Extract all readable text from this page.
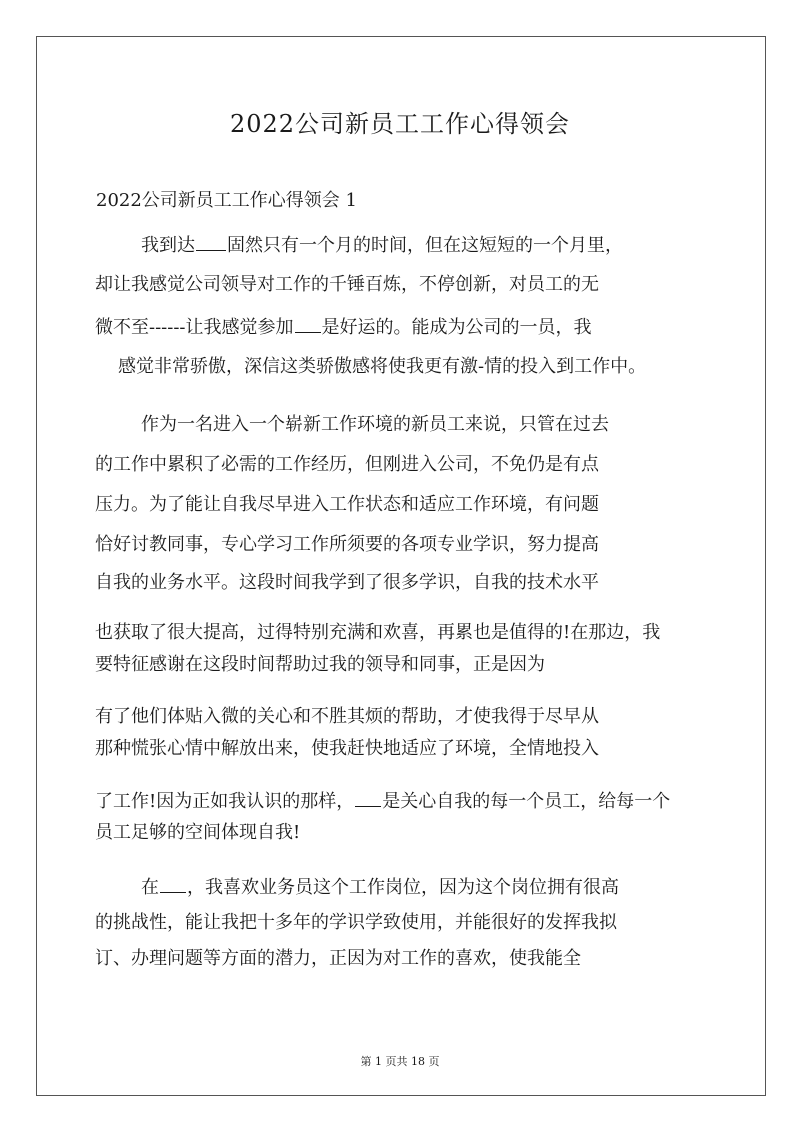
2022公司新员工工作心得领会
2022公司新员工工作心得领会 1
我到达 固然只有一个月的时间，但在这短短的一个月里，
却让我感觉公司领导对工作的千锤百炼，不停创新，对员工的无
微不至------让我感觉参加 是好运的。能成为公司的一员，我
感觉非常骄傲，深信这类骄傲感将使我更有激-情的投入到工作中。
作为一名进入一个崭新工作环境的新员工来说，只管在过去
的工作中累积了必需的工作经历，但刚进入公司，不免仍是有点
压力。为了能让自我尽早进入工作状态和适应工作环境，有问题
恰好讨教同事，专心学习工作所须要的各项专业学识，努力提高
自我的业务水平。这段时间我学到了很多学识，自我的技术水平
也获取了很大提高，过得特别充满和欢喜，再累也是值得的!在那边，我
要特征感谢在这段时间帮助过我的领导和同事，正是因为
有了他们体贴入微的关心和不胜其烦的帮助，才使我得于尽早从
那种慌张心情中解放出来，使我赶快地适应了环境，全情地投入
了工作!因为正如我认识的那样， 是关心自我的每一个员工，给每一个
员工足够的空间体现自我!
在 ，我喜欢业务员这个工作岗位，因为这个岗位拥有很高
的挑战性，能让我把十多年的学识学致使用，并能很好的发挥我拟
订、办理问题等方面的潜力，正因为对工作的喜欢，使我能全
第 1 页共 18 页
